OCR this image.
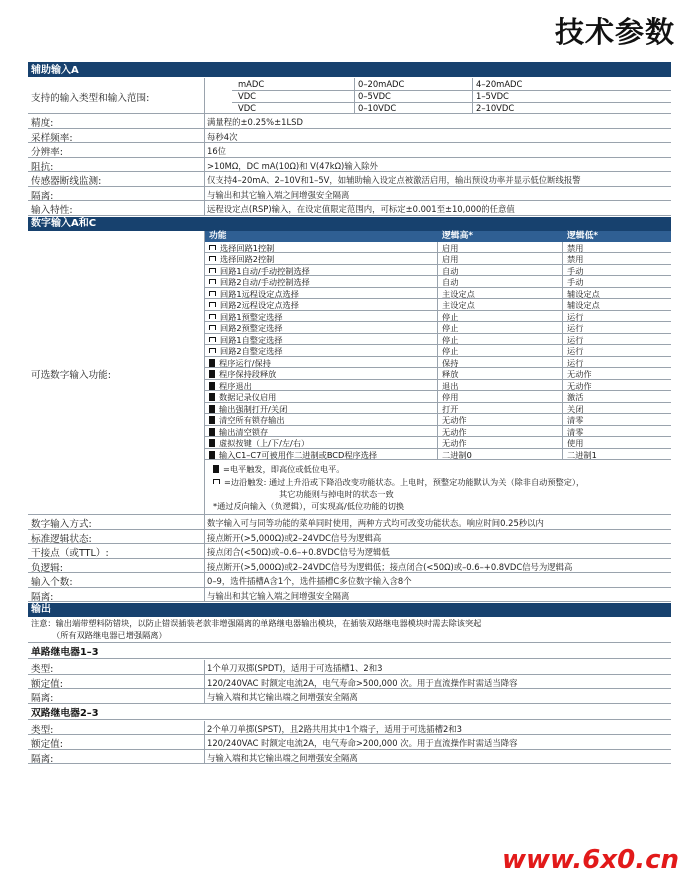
技术参数
可选数字输入功能:
辅助输入A
支持的输入类型和输入范围:
mADC	0–20mADC	4–20mADC
VDC	0–5VDC	1–5VDC
VDC	0–10VDC	2–10VDC
精度:	满量程的±0.25%±1LSD
采样频率:	每秒4次
分辨率:	16位
阻抗:	>10MΩ，DC mA(10Ω)和 V(47kΩ)输入除外
传感器断线监测:	仅支持4–20mA、2–10V和1–5V，如辅助输入设定点被激活启用，输出预设功率并显示低位断线报警
隔离:	与输出和其它输入端之间增强安全隔离
输入特性:	远程设定点(RSP)输入，在设定值限定范围内，可标定±0.001至±10,000的任意值
数字输入A和C
功能	逻辑高*	逻辑低*
选择回路1控制	启用	禁用
选择回路2控制	启用	禁用
回路1自动/手动控制选择	自动	手动
回路2自动/手动控制选择	自动	手动
回路1远程设定点选择	主设定点	辅设定点
回路2远程设定点选择	主设定点	辅设定点
回路1预整定选择	停止	运行
回路2预整定选择	停止	运行
回路1自整定选择	停止	运行
回路2自整定选择	停止	运行
程序运行/保持	保持	运行
程序保持段释放	释放	无动作
程序退出	退出	无动作
数据记录仪启用	停用	激活
输出强制打开/关闭	打开	关闭
清空所有锁存输出	无动作	清零
输出清空锁存	无动作	清零
虚拟按键（上/下/左/右）	无动作	使用
输入C1–C7可被用作二进制或BCD程序选择	二进制0	二进制1
=电平触发，即高位或低位电平。
=边沿触发: 通过上升沿或下降沿改变功能状态。上电时，预整定功能默认为关（除非自动预整定），
其它功能则与掉电时的状态一致
*通过反向输入（负逻辑），可实现高/低位功能的切换
数字输入方式:	数字输入可与同等功能的菜单同时使用，两种方式均可改变功能状态。响应时间0.25秒以内
标准逻辑状态:	接点断开(>5,000Ω)或2–24VDC信号为逻辑高
干接点（或TTL）:	接点闭合(<50Ω)或–0.6–+0.8VDC信号为逻辑低
负逻辑:	接点断开(>5,000Ω)或2–24VDC信号为逻辑低；接点闭合(<50Ω)或–0.6–+0.8VDC信号为逻辑高
输入个数:	0–9，选件插槽A含1个，选件插槽C多位数字输入含8个
隔离:	与输出和其它输入端之间增强安全隔离
输出
注意：输出端带塑料防错块，以防止错误插装老款非增强隔离的单路继电器输出模块，在插装双路继电器模块时需去除该突起
（所有双路继电器已增强隔离）
单路继电器1–3
类型:	1个单刀双掷(SPDT)，适用于可选插槽1、2和3
额定值:	120/240VAC 时额定电流2A，电气寿命>500,000 次。用于直流操作时需适当降容
隔离:	与输入端和其它输出端之间增强安全隔离
双路继电器2–3
类型:	2个单刀单掷(SPST)，且2路共用其中1个端子，适用于可选插槽2和3
额定值:	120/240VAC 时额定电流2A，电气寿命>200,000 次。用于直流操作时需适当降容
隔离:	与输入端和其它输出端之间增强安全隔离
www.6x0.cn
